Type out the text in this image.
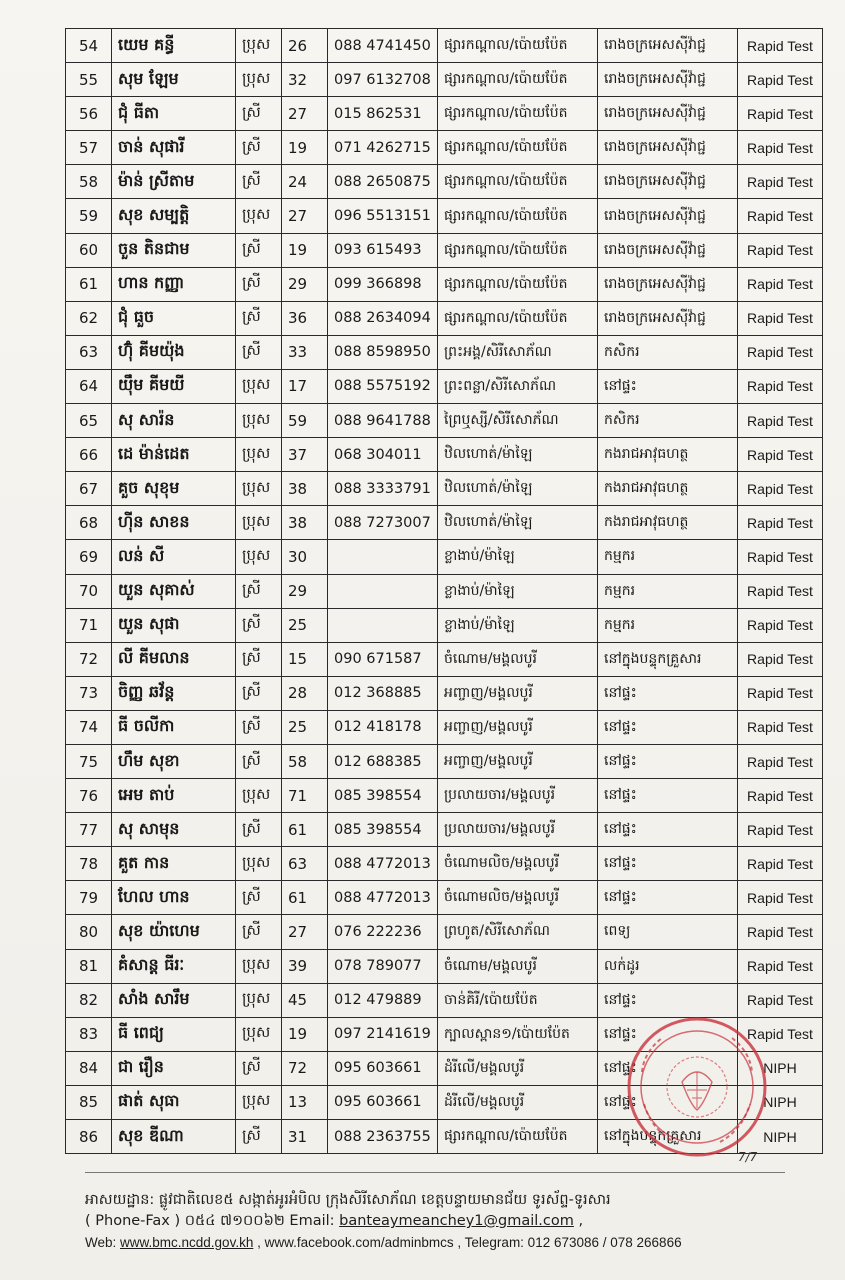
54	យេម គន្ធី	ប្រុស	26	088 4741450	ផ្សារកណ្តាល/ប៉ោយប៉ែត	រោងចក្រអេសស៊ីវ៉ាជ្ជ	Rapid Test
55	សុម ឡែម	ប្រុស	32	097 6132708	ផ្សារកណ្តាល/ប៉ោយប៉ែត	រោងចក្រអេសស៊ីវ៉ាជ្ជ	Rapid Test
56	ជុំ ធីតា	ស្រី	27	015 862531	ផ្សារកណ្តាល/ប៉ោយប៉ែត	រោងចក្រអេសស៊ីវ៉ាជ្ជ	Rapid Test
57	ចាន់ សុផារី	ស្រី	19	071 4262715	ផ្សារកណ្តាល/ប៉ោយប៉ែត	រោងចក្រអេសស៊ីវ៉ាជ្ជ	Rapid Test
58	ម៉ាន់ ស្រីតាម	ស្រី	24	088 2650875	ផ្សារកណ្តាល/ប៉ោយប៉ែត	រោងចក្រអេសស៊ីវ៉ាជ្ជ	Rapid Test
59	សុខ សម្បត្តិ	ប្រុស	27	096 5513151	ផ្សារកណ្តាល/ប៉ោយប៉ែត	រោងចក្រអេសស៊ីវ៉ាជ្ជ	Rapid Test
60	ចួន តិនជាម	ស្រី	19	093 615493	ផ្សារកណ្តាល/ប៉ោយប៉ែត	រោងចក្រអេសស៊ីវ៉ាជ្ជ	Rapid Test
61	ហាន កញ្ញា	ស្រី	29	099 366898	ផ្សារកណ្តាល/ប៉ោយប៉ែត	រោងចក្រអេសស៊ីវ៉ាជ្ជ	Rapid Test
62	ជុំ ធួច	ស្រី	36	088 2634094	ផ្សារកណ្តាល/ប៉ោយប៉ែត	រោងចក្រអេសស៊ីវ៉ាជ្ជ	Rapid Test
63	ហ៊ុំ គីមយ៉ុង	ស្រី	33	088 8598950	ព្រះអង្គ/សិរីសោភ័ណ	កសិករ	Rapid Test
64	យ៉ឹម គីមយី	ប្រុស	17	088 5575192	ព្រះពន្លា/សិរីសោភ័ណ	នៅផ្ទះ	Rapid Test
65	សុ សារ៉ន	ប្រុស	59	088 9641788	ព្រៃឬស្សី/សិរីសោភ័ណ	កសិករ	Rapid Test
66	ដេ ម៉ាន់ដេត	ប្រុស	37	068 304011	ឋិលហោត់/ម៉ាឡៃ	កងរាជអាវុធហត្ថ	Rapid Test
67	គួច សុខុម	ប្រុស	38	088 3333791	ឋិលហោត់/ម៉ាឡៃ	កងរាជអាវុធហត្ថ	Rapid Test
68	ហ៊ីន សាខន	ប្រុស	38	088 7273007	ឋិលហោត់/ម៉ាឡៃ	កងរាជអាវុធហត្ថ	Rapid Test
69	លន់ សី	ប្រុស	30		ខ្លាងាប់/ម៉ាឡៃ	កម្មករ	Rapid Test
70	យួន សុគាស់	ស្រី	29		ខ្លាងាប់/ម៉ាឡៃ	កម្មករ	Rapid Test
71	យួន សុផា	ស្រី	25		ខ្លាងាប់/ម៉ាឡៃ	កម្មករ	Rapid Test
72	លី គីមលាន	ស្រី	15	090 671587	ចំណោម/មង្គលបូរី	នៅក្នុងបន្ទុកគ្រួសារ	Rapid Test
73	ចិញ្ញ ឆវ័ន្ត	ស្រី	28	012 368885	អញ្ចាញ/មង្គលបូរី	នៅផ្ទះ	Rapid Test
74	ធី ចលីកា	ស្រី	25	012 418178	អញ្ចាញ/មង្គលបូរី	នៅផ្ទះ	Rapid Test
75	ហឹម សុខា	ស្រី	58	012 688385	អញ្ចាញ/មង្គលបូរី	នៅផ្ទះ	Rapid Test
76	អេម តាប់	ប្រុស	71	085 398554	ប្រលាយចារ/មង្គលបូរី	នៅផ្ទះ	Rapid Test
77	សុ សាមុន	ស្រី	61	085 398554	ប្រលាយចារ/មង្គលបូរី	នៅផ្ទះ	Rapid Test
78	គួត កាន	ប្រុស	63	088 4772013	ចំណោមលិច/មង្គលបូរី	នៅផ្ទះ	Rapid Test
79	ហែល ហាន	ស្រី	61	088 4772013	ចំណោមលិច/មង្គលបូរី	នៅផ្ទះ	Rapid Test
80	សុខ យ៉ាហេម	ស្រី	27	076 222236	ព្រហូត/សិរីសោភ័ណ	ពេទ្យ	Rapid Test
81	គំសាន្ត ធីរៈ	ប្រុស	39	078 789077	ចំណោម/មង្គលបូរី	លក់ដូរ	Rapid Test
82	សាំង សារឹម	ប្រុស	45	012 479889	ចាន់គិរី/ប៉ោយប៉ែត	នៅផ្ទះ	Rapid Test
83	ធី ពេជ្យ	ប្រុស	19	097 2141619	ក្បាលស្ពាន១/ប៉ោយប៉ែត	នៅផ្ទះ	Rapid Test
84	ជា រឿន	ស្រី	72	095 603661	ដំរីលើ/មង្គលបូរី	នៅផ្ទះ	NIPH
85	ផាត់ សុធា	ប្រុស	13	095 603661	ដំរីលើ/មង្គលបូរី	នៅផ្ទះ	NIPH
86	សុខ ឌីណា	ស្រី	31	088 2363755	ផ្សារកណ្តាល/ប៉ោយប៉ែត	នៅក្នុងបន្ទុកគ្រួសារ	NIPH
7/7
អាសយដ្ឋាន: ផ្លូវជាតិលេខ៥ សង្កាត់អូរអំបិល ក្រុងសិរីសោភ័ណ ខេត្តបន្ទាយមានជ័យ ទូរស័ព្ទ-ទូរសារ
( Phone-Fax ) ០៥៤ ៧១០០៦២ Email: banteaymeanchey1@gmail.com ,
Web: www.bmc.ncdd.gov.kh , www.facebook.com/adminbmcs , Telegram: 012 673086 / 078 266866
